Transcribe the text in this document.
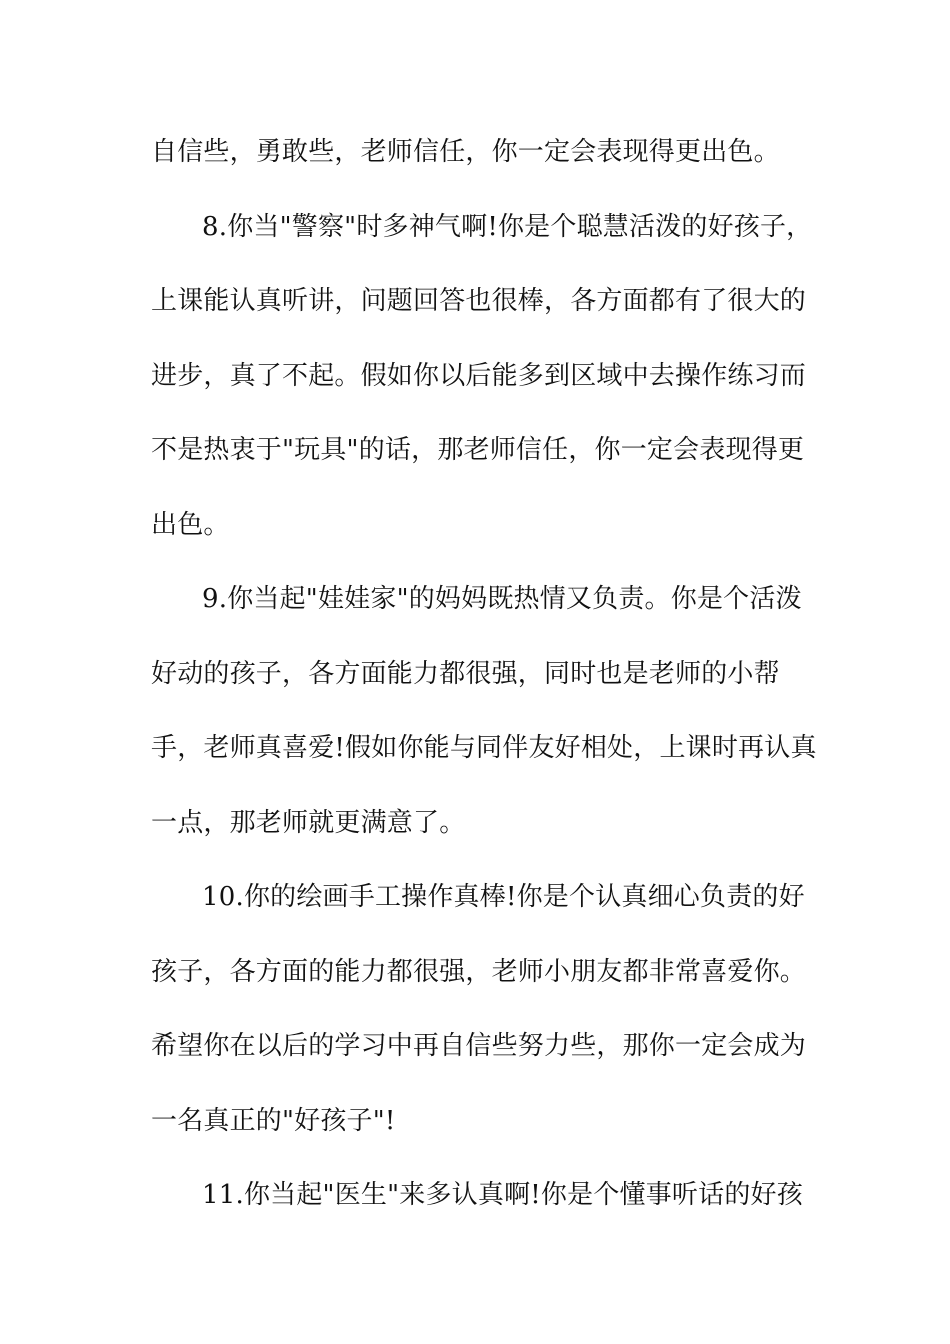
自信些，勇敢些，老师信任，你一定会表现得更出色。
8.你当"警察"时多神气啊!你是个聪慧活泼的好孩子，
上课能认真听讲，问题回答也很棒，各方面都有了很大的
进步，真了不起。假如你以后能多到区域中去操作练习而
不是热衷于"玩具"的话，那老师信任，你一定会表现得更
出色。
9.你当起"娃娃家"的妈妈既热情又负责。你是个活泼
好动的孩子，各方面能力都很强，同时也是老师的小帮
手，老师真喜爱!假如你能与同伴友好相处，上课时再认真
一点，那老师就更满意了。
10.你的绘画手工操作真棒!你是个认真细心负责的好
孩子，各方面的能力都很强，老师小朋友都非常喜爱你。
希望你在以后的学习中再自信些努力些，那你一定会成为
一名真正的"好孩子"!
11.你当起"医生"来多认真啊!你是个懂事听话的好孩
